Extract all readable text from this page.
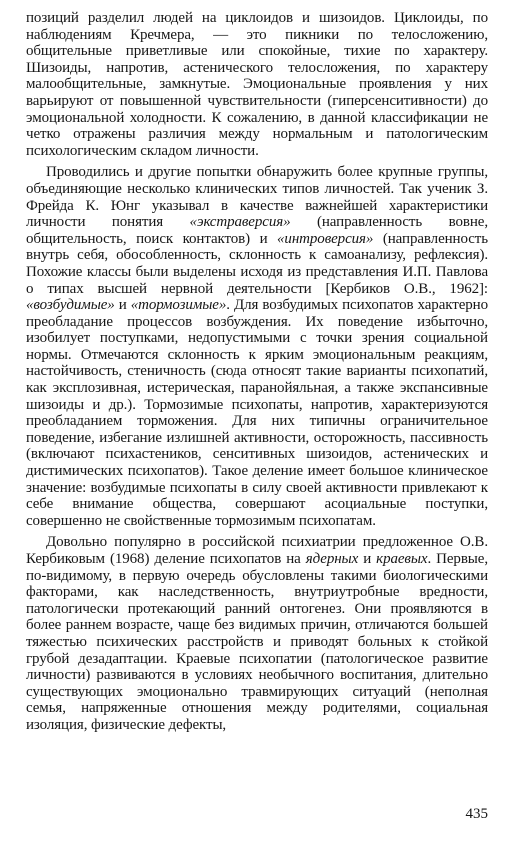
позиций разделил людей на циклоидов и шизоидов. Циклоиды, по наблюдениям Кречмера, — это пикники по телосложению, общительные приветливые или спокойные, тихие по характеру. Шизоиды, напротив, астенического телосложения, по характеру малообщительные, замкнутые. Эмоциональные проявления у них варьируют от повышенной чувствительности (гиперсенситивности) до эмоциональной холодности. К сожалению, в данной классификации не четко отражены различия между нормальным и патологическим психологическим складом личности.

Проводились и другие попытки обнаружить более крупные группы, объединяющие несколько клинических типов личностей. Так ученик З. Фрейда К. Юнг указывал в качестве важнейшей характеристики личности понятия «экстраверсия» (направленность вовне, общительность, поиск контактов) и «интроверсия» (направленность внутрь себя, обособленность, склонность к самоанализу, рефлексия). Похожие классы были выделены исходя из представления И.П. Павлова о типах высшей нервной деятельности [Кербиков О.В., 1962]: «возбудимые» и «тормозимые». Для возбудимых психопатов характерно преобладание процессов возбуждения. Их поведение избыточно, изобилует поступками, недопустимыми с точки зрения социальной нормы. Отмечаются склонность к ярким эмоциональным реакциям, настойчивость, стеничность (сюда относят такие варианты психопатий, как эксплозивная, истерическая, паранойяльная, а также экспансивные шизоиды и др.). Тормозимые психопаты, напротив, характеризуются преобладанием торможения. Для них типичны ограничительное поведение, избегание излишней активности, осторожность, пассивность (включают психастеников, сенситивных шизоидов, астенических и дистимических психопатов). Такое деление имеет большое клиническое значение: возбудимые психопаты в силу своей активности привлекают к себе внимание общества, совершают асоциальные поступки, совершенно не свойственные тормозимым психопатам.

Довольно популярно в российской психиатрии предложенное О.В. Кербиковым (1968) деление психопатов на ядерных и краевых. Первые, по-видимому, в первую очередь обусловлены такими биологическими факторами, как наследственность, внутриутробные вредности, патологически протекающий ранний онтогенез. Они проявляются в более раннем возрасте, чаще без видимых причин, отличаются большей тяжестью психических расстройств и приводят больных к стойкой грубой дезадаптации. Краевые психопатии (патологическое развитие личности) развиваются в условиях необычного воспитания, длительно существующих эмоционально травмирующих ситуаций (неполная семья, напряженные отношения между родителями, социальная изоляция, физические дефекты,

435
